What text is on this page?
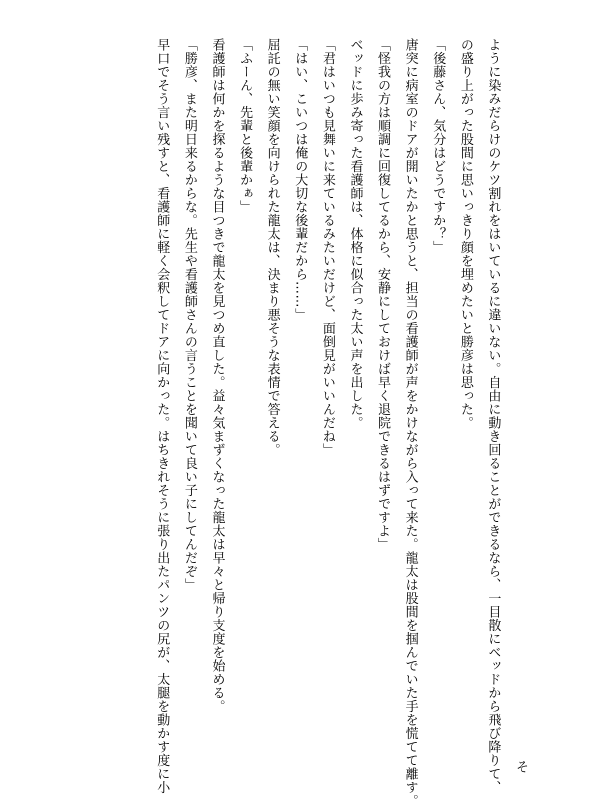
そ
ように染みだらけのケツ割れをはいているに違いない。自由に動き回ることができるなら、一目散にベッドから飛び降りて、
の盛り上がった股間に思いっきり顔を埋めたいと勝彦は思った。
「後藤さん、気分はどうですか？」
唐突に病室のドアが開いたかと思うと、担当の看護師が声をかけながら入って来た。龍太は股間を掴んでいた手を慌てて離す。
「怪我の方は順調に回復してるから、安静にしておけば早く退院できるはずですよ」
ベッドに歩み寄った看護師は、体格に似合った太い声を出した。
「君はいつも見舞いに来ているみたいだけど、面倒見がいいんだね」
「はい、こいつは俺の大切な後輩だから……」
屈託の無い笑顔を向けられた龍太は、決まり悪そうな表情で答える。
「ふーん、先輩と後輩かぁ」
看護師は何かを探るような目つきで龍太を見つめ直した。益々気まずくなった龍太は早々と帰り支度を始める。
「勝彦、また明日来るからな。先生や看護師さんの言うことを聞いて良い子にしてんだぞ」
早口でそう言い残すと、看護師に軽く会釈してドアに向かった。はちきれそうに張り出たパンツの尻が、太腿を動かす度に小
